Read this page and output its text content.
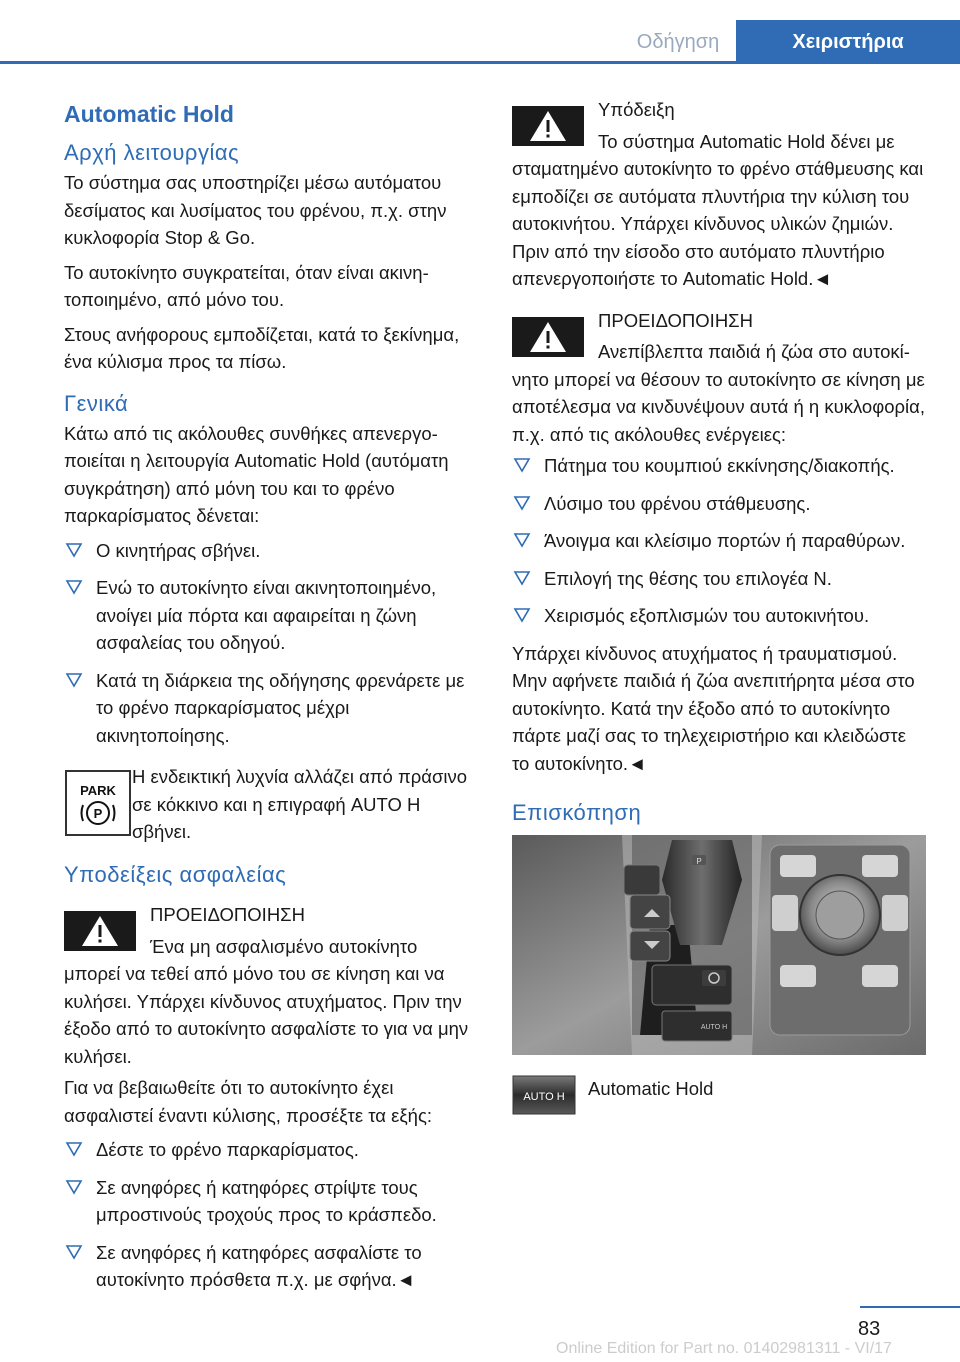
Οδήγηση	Χειριστήρια
Automatic Hold
Αρχή λειτουργίας

Το σύστημα σας υποστηρίζει μέσω αυτόματου δεσίματος και λυσίματος του φρένου, π.χ. στην κυκλοφορία Stop & Go.

Το αυτοκίνητο συγκρατείται, όταν είναι ακινητοποιημένο, από μόνο του.

Στους ανήφορους εμποδίζεται, κατά το ξεκίνημα, ένα κύλισμα προς τα πίσω.

Γενικά

Κάτω από τις ακόλουθες συνθήκες απενεργοποιείται η λειτουργία Automatic Hold (αυτόματη συγκράτηση) από μόνη του και το φρένο παρκαρίσματος δένεται:

Ο κινητήρας σβήνει.
Ενώ το αυτοκίνητο είναι ακινητοποιημένο, ανοίγει μία πόρτα και αφαιρείται η ζώνη ασφαλείας του οδηγού.
Κατά τη διάρκεια της οδήγησης φρενάρετε με το φρένο παρκαρίσματος μέχρι ακινητοποίησης.
PARK
P
Η ενδεικτική λυχνία αλλάζει από πράσινο σε κόκκινο και η επιγραφή AUTO H σβήνει.
Υποδείξεις ασφαλείας
ΠΡΟΕΙΔΟΠΟΙΗΣΗ
Ένα μη ασφαλισμένο αυτοκίνητο μπορεί να τεθεί από μόνο του σε κίνηση και να κυλήσει. Υπάρχει κίνδυνος ατυχήματος. Πριν την έξοδο από το αυτοκίνητο ασφαλίστε το για να μην κυλήσει.

Για να βεβαιωθείτε ότι το αυτοκίνητο έχει ασφαλιστεί έναντι κύλισης, προσέξτε τα εξής:

Δέστε το φρένο παρκαρίσματος.
Σε ανηφόρες ή κατηφόρες στρίψτε τους μπροστινούς τροχούς προς το κράσπεδο.
Σε ανηφόρες ή κατηφόρες ασφαλίστε το αυτοκίνητο πρόσθετα π.χ. με σφήνα.◄
Υπόδειξη
Το σύστημα Automatic Hold δένει με σταματημένο αυτοκίνητο το φρένο στάθμευσης και εμποδίζει σε αυτόματα πλυντήρια την κύλιση του αυτοκινήτου. Υπάρχει κίνδυνος υλικών ζημιών. Πριν από την είσοδο στο αυτόματο πλυντήριο απενεργοποιήστε το Automatic Hold.◄
ΠΡΟΕΙΔΟΠΟΙΗΣΗ
Ανεπίβλεπτα παιδιά ή ζώα στο αυτοκίνητο μπορεί να θέσουν το αυτοκίνητο σε κίνηση με αποτέλεσμα να κινδυνέψουν αυτά ή η κυκλοφορία, π.χ. από τις ακόλουθες ενέργειες:
Πάτημα του κουμπιού εκκίνησης/διακοπής.
Λύσιμο του φρένου στάθμευσης.
Άνοιγμα και κλείσιμο πορτών ή παραθύρων.
Επιλογή της θέσης του επιλογέα N.
Χειρισμός εξοπλισμών του αυτοκινήτου.

Υπάρχει κίνδυνος ατυχήματος ή τραυματισμού. Μην αφήνετε παιδιά ή ζώα ανεπιτήρητα μέσα στο αυτοκίνητο. Κατά την έξοδο από το αυτοκίνητο πάρτε μαζί σας το τηλεχειριστήριο και κλειδώστε το αυτοκίνητο.◄

Επισκόπηση
P
AUTO H
AUTO H Automatic Hold
83
Online Edition for Part no. 01402981311 - VI/17
